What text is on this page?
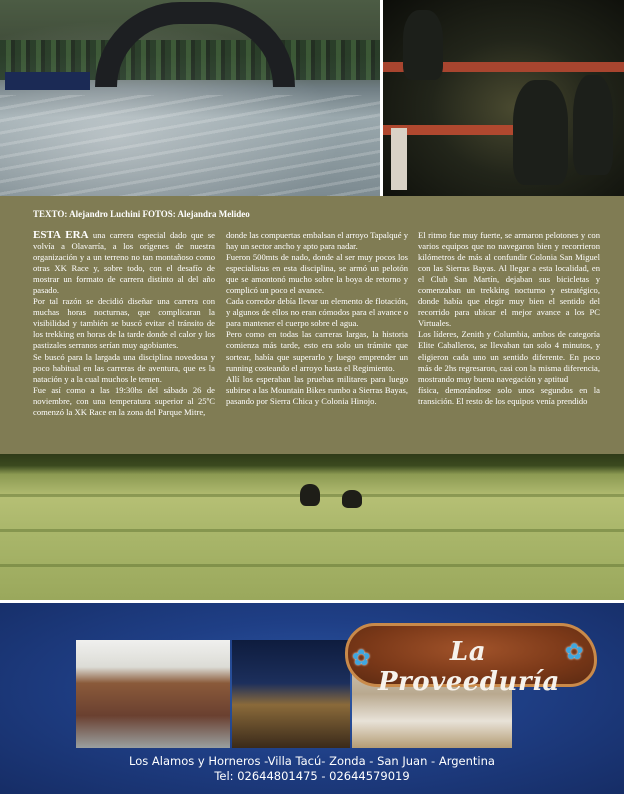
TEXTO: Alejandro Luchini FOTOS: Alejandra Melideo

ESTA ERA una carrera especial dado que se volvía a Olavarría, a los orígenes de nuestra organización y a un terreno no tan montañoso como otras XK Race y, sobre todo, con el desafío de mostrar un formato de carrera distinto al del año pasado.

Por tal razón se decidió diseñar una carrera con muchas horas nocturnas, que complicaran la visibilidad y también se buscó evitar el tránsito de los trekking en horas de la tarde donde el calor y los pastizales serranos serían muy agobiantes.

Se buscó para la largada una disciplina novedosa y poco habitual en las carreras de aventura, que es la natación y a la cual muchos le temen.

Fue así como a las 19:30hs del sábado 26 de noviembre, con una temperatura superior al 25ºC comenzó la XK Race en la zona del Parque Mitre,

donde las compuertas embalsan el arroyo Tapalqué y hay un sector ancho y apto para nadar.

Fueron 500mts de nado, donde al ser muy pocos los especialistas en esta disciplina, se armó un pelotón que se amontonó mucho sobre la boya de retorno y complicó un poco el avance.

Cada corredor debía llevar un elemento de flotación, y algunos de ellos no eran cómodos para el avance o para mantener el cuerpo sobre el agua.

Pero como en todas las carreras largas, la historia comienza más tarde, esto era solo un trámite que sortear, había que superarlo y luego emprender un running costeando el arroyo hasta el Regimiento.

Allí los esperaban las pruebas militares para luego subirse a las Mountain Bikes rumbo a Sierras Bayas, pasando por Sierra Chica y Colonia Hinojo.

El ritmo fue muy fuerte, se armaron pelotones y con varios equipos que no navegaron bien y recorrieron kilómetros de más al confundir Colonia San Miguel con las Sierras Bayas. Al llegar a esta localidad, en el Club San Martín, dejaban sus bicicletas y comenzaban un trekking nocturno y estratégico, donde había que elegir muy bien el sentido del recorrido para ubicar el mejor avance a los PC Virtuales.

Los líderes, Zenith y Columbia, ambos de categoría Elite Caballeros, se llevaban tan solo 4 minutos, y eligieron cada uno un sentido diferente. En poco más de 2hs regresaron, casi con la misma diferencia, mostrando muy buena navegación y aptitud

física, demorándose solo unos segundos en la transición. El resto de los equipos venía prendido

✿	✿
La Proveeduría
Los Alamos y Horneros -Villa Tacú- Zonda - San Juan - Argentina
Tel: 02644801475 - 02644579019
